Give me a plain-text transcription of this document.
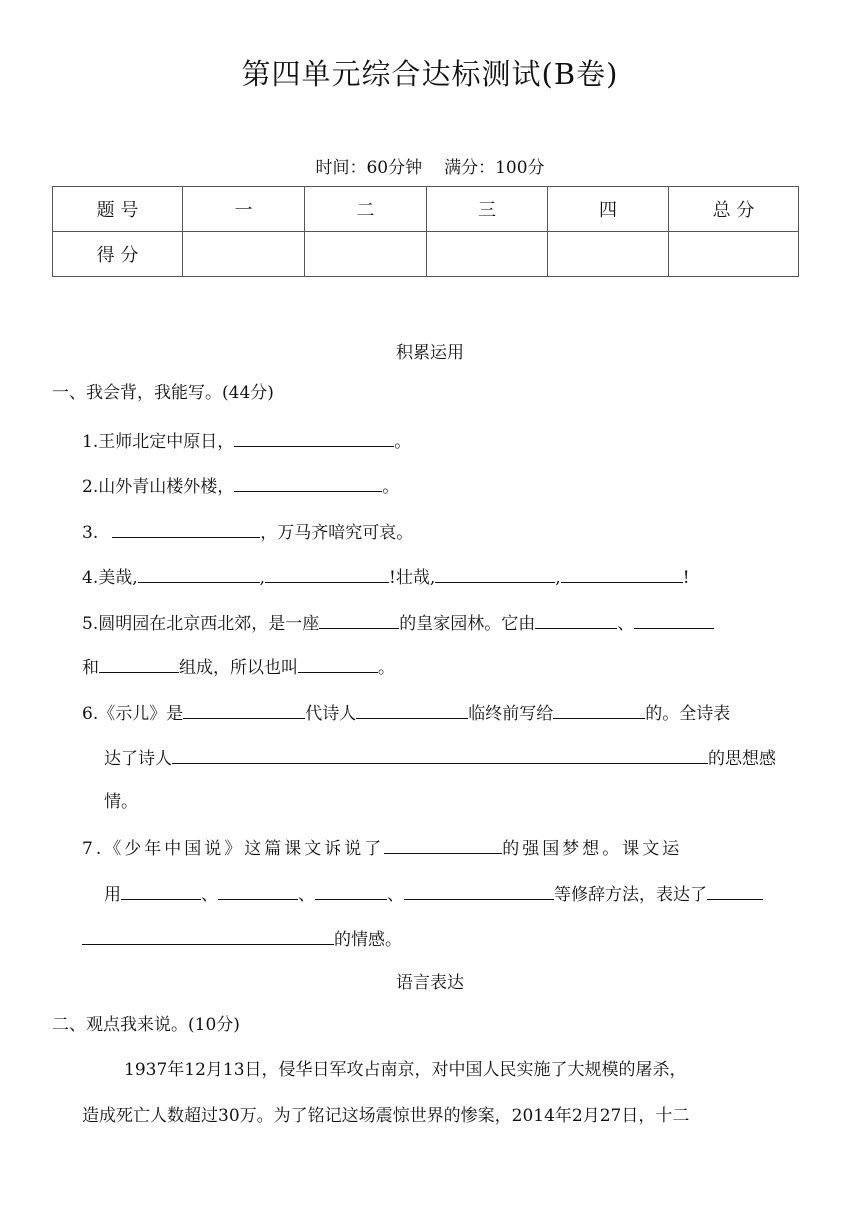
第四单元综合达标测试(B卷)
时间：60分钟 满分：100分
题 号	一	二	三	四	总 分
得 分					
积累运用
一、我会背，我能写。(44分)
1.王师北定中原日，	。
2.山外青山楼外楼，	。
3.	，万马齐喑究可哀。
4.美哉,	,	!壮哉,	,	!
5.圆明园在北京西北郊，是一座	的皇家园林。它由	、
和	组成，所以也叫	。
6.《示儿》是	代诗人	临终前写给	的。全诗表
达了诗人	的思想感
情。
7.《少年中国说》这篇课文诉说了	的强国梦想。课文运
用	、	、	、	等修辞方法，表达了
的情感。
语言表达
二、观点我来说。(10分)
1937年12月13日，侵华日军攻占南京，对中国人民实施了大规模的屠杀，
造成死亡人数超过30万。为了铭记这场震惊世界的惨案，2014年2月27日，十二
